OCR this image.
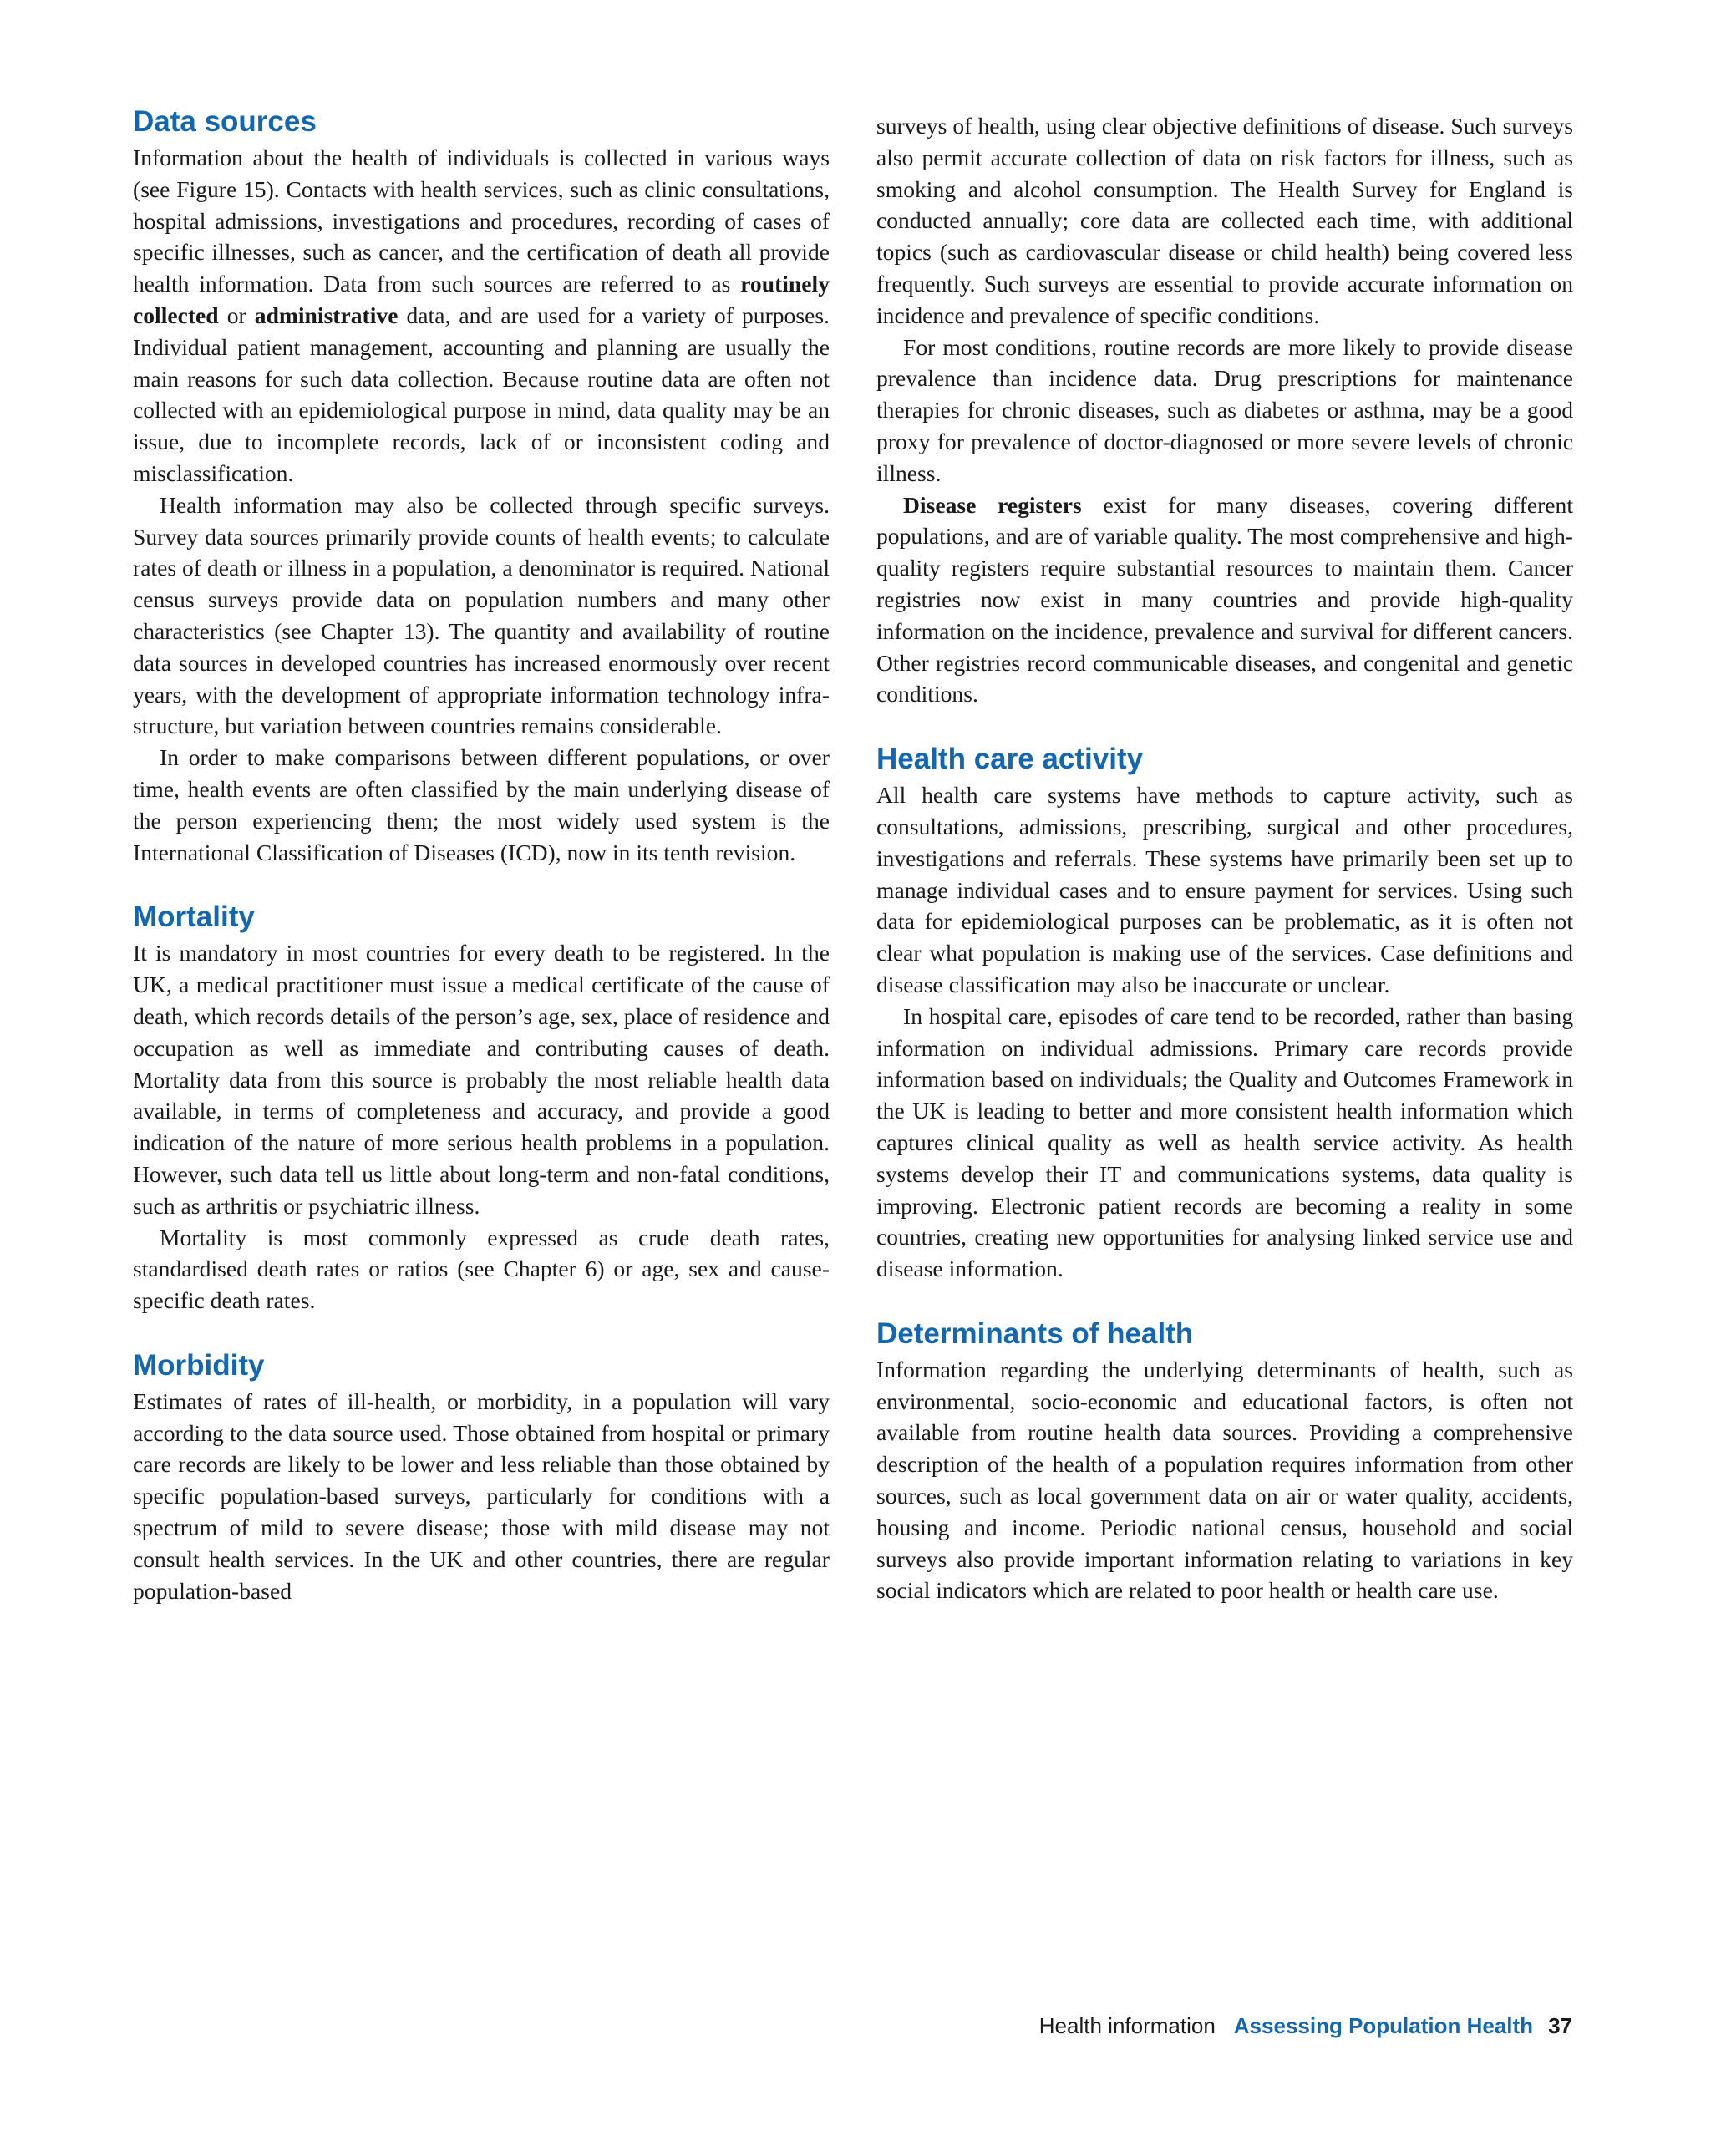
Data sources

Information about the health of individuals is collected in various ways (see Figure 15). Contacts with health services, such as clinic consultations, hospital admissions, investigations and procedures, recording of cases of specific illnesses, such as cancer, and the certification of death all provide health information. Data from such sources are referred to as routinely collected or administrative data, and are used for a variety of purposes. Individual patient management, accounting and planning are usually the main reasons for such data collection. Because routine data are often not collected with an epidemiological purpose in mind, data quality may be an issue, due to incomplete records, lack of or inconsistent coding and misclassification.

Health information may also be collected through specific surveys. Survey data sources primarily provide counts of health events; to calculate rates of death or illness in a population, a denominator is required. National census surveys provide data on population numbers and many other characteristics (see Chapter 13). The quantity and availability of routine data sources in developed countries has increased enormously over recent years, with the development of appropriate information technology infrastructure, but variation between countries remains considerable.

In order to make comparisons between different populations, or over time, health events are often classified by the main underlying disease of the person experiencing them; the most widely used system is the International Classification of Diseases (ICD), now in its tenth revision.

Mortality

It is mandatory in most countries for every death to be registered. In the UK, a medical practitioner must issue a medical certificate of the cause of death, which records details of the person’s age, sex, place of residence and occupation as well as immediate and contributing causes of death. Mortality data from this source is probably the most reliable health data available, in terms of completeness and accuracy, and provide a good indication of the nature of more serious health problems in a population. However, such data tell us little about long-term and non-fatal conditions, such as arthritis or psychiatric illness.

Mortality is most commonly expressed as crude death rates, standardised death rates or ratios (see Chapter 6) or age, sex and cause-specific death rates.

Morbidity

Estimates of rates of ill-health, or morbidity, in a population will vary according to the data source used. Those obtained from hospital or primary care records are likely to be lower and less reliable than those obtained by specific population-based surveys, particularly for conditions with a spectrum of mild to severe disease; those with mild disease may not consult health services. In the UK and other countries, there are regular population-based

surveys of health, using clear objective definitions of disease. Such surveys also permit accurate collection of data on risk factors for illness, such as smoking and alcohol consumption. The Health Survey for England is conducted annually; core data are collected each time, with additional topics (such as cardiovascular disease or child health) being covered less frequently. Such surveys are essential to provide accurate information on incidence and prevalence of specific conditions.

For most conditions, routine records are more likely to provide disease prevalence than incidence data. Drug prescriptions for maintenance therapies for chronic diseases, such as diabetes or asthma, may be a good proxy for prevalence of doctor-diagnosed or more severe levels of chronic illness.

Disease registers exist for many diseases, covering different populations, and are of variable quality. The most comprehensive and high-quality registers require substantial resources to maintain them. Cancer registries now exist in many countries and provide high-quality information on the incidence, prevalence and survival for different cancers. Other registries record communicable diseases, and congenital and genetic conditions.

Health care activity

All health care systems have methods to capture activity, such as consultations, admissions, prescribing, surgical and other procedures, investigations and referrals. These systems have primarily been set up to manage individual cases and to ensure payment for services. Using such data for epidemiological purposes can be problematic, as it is often not clear what population is making use of the services. Case definitions and disease classification may also be inaccurate or unclear.

In hospital care, episodes of care tend to be recorded, rather than basing information on individual admissions. Primary care records provide information based on individuals; the Quality and Outcomes Framework in the UK is leading to better and more consistent health information which captures clinical quality as well as health service activity. As health systems develop their IT and communications systems, data quality is improving. Electronic patient records are becoming a reality in some countries, creating new opportunities for analysing linked service use and disease information.

Determinants of health

Information regarding the underlying determinants of health, such as environmental, socio-economic and educational factors, is often not available from routine health data sources. Providing a comprehensive description of the health of a population requires information from other sources, such as local government data on air or water quality, accidents, housing and income. Periodic national census, household and social surveys also provide important information relating to variations in key social indicators which are related to poor health or health care use.

Health information Assessing Population Health 37
